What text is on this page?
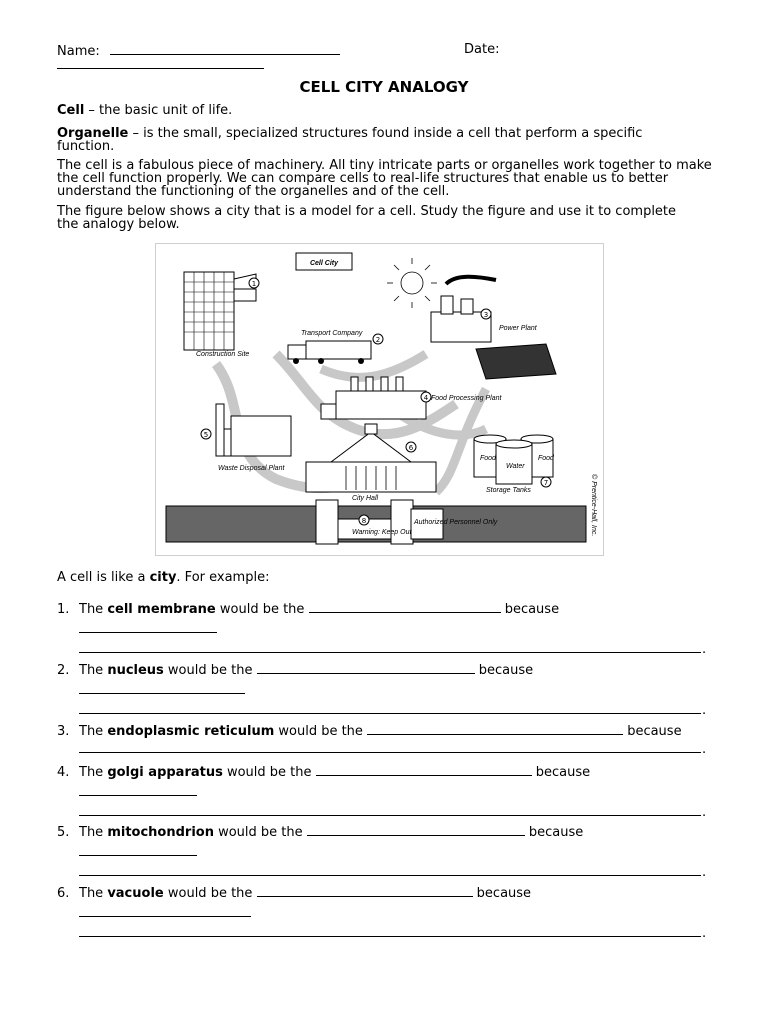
Name:	Date:
CELL CITY ANALOGY
Cell – the basic unit of life.
Organelle – is the small, specialized structures found inside a cell that perform a specific function.
The cell is a fabulous piece of machinery. All tiny intricate parts or organelles work together to make the cell function properly. We can compare cells to real-life structures that enable us to better understand the functioning of the organelles and of the cell.
The figure below shows a city that is a model for a cell. Study the figure and use it to complete the analogy below.
Cell City
1
Construction Site
2
Transport Company
3
Power Plant
4 Food Processing Plant
5
Waste Disposal Plant
6
City Hall
Food
Water
Food
7
Storage Tanks
8
Warning: Keep Out
Authorized Personnel Only	© Prentice-Hall, Inc.
A cell is like a city. For example:
1. The cell membrane would be the	because
.
2. The nucleus would be the	because
.
3. The endoplasmic reticulum would be the	because
.
4. The golgi apparatus would be the	because
.
5. The mitochondrion would be the	because
.
6. The vacuole would be the	because
.
